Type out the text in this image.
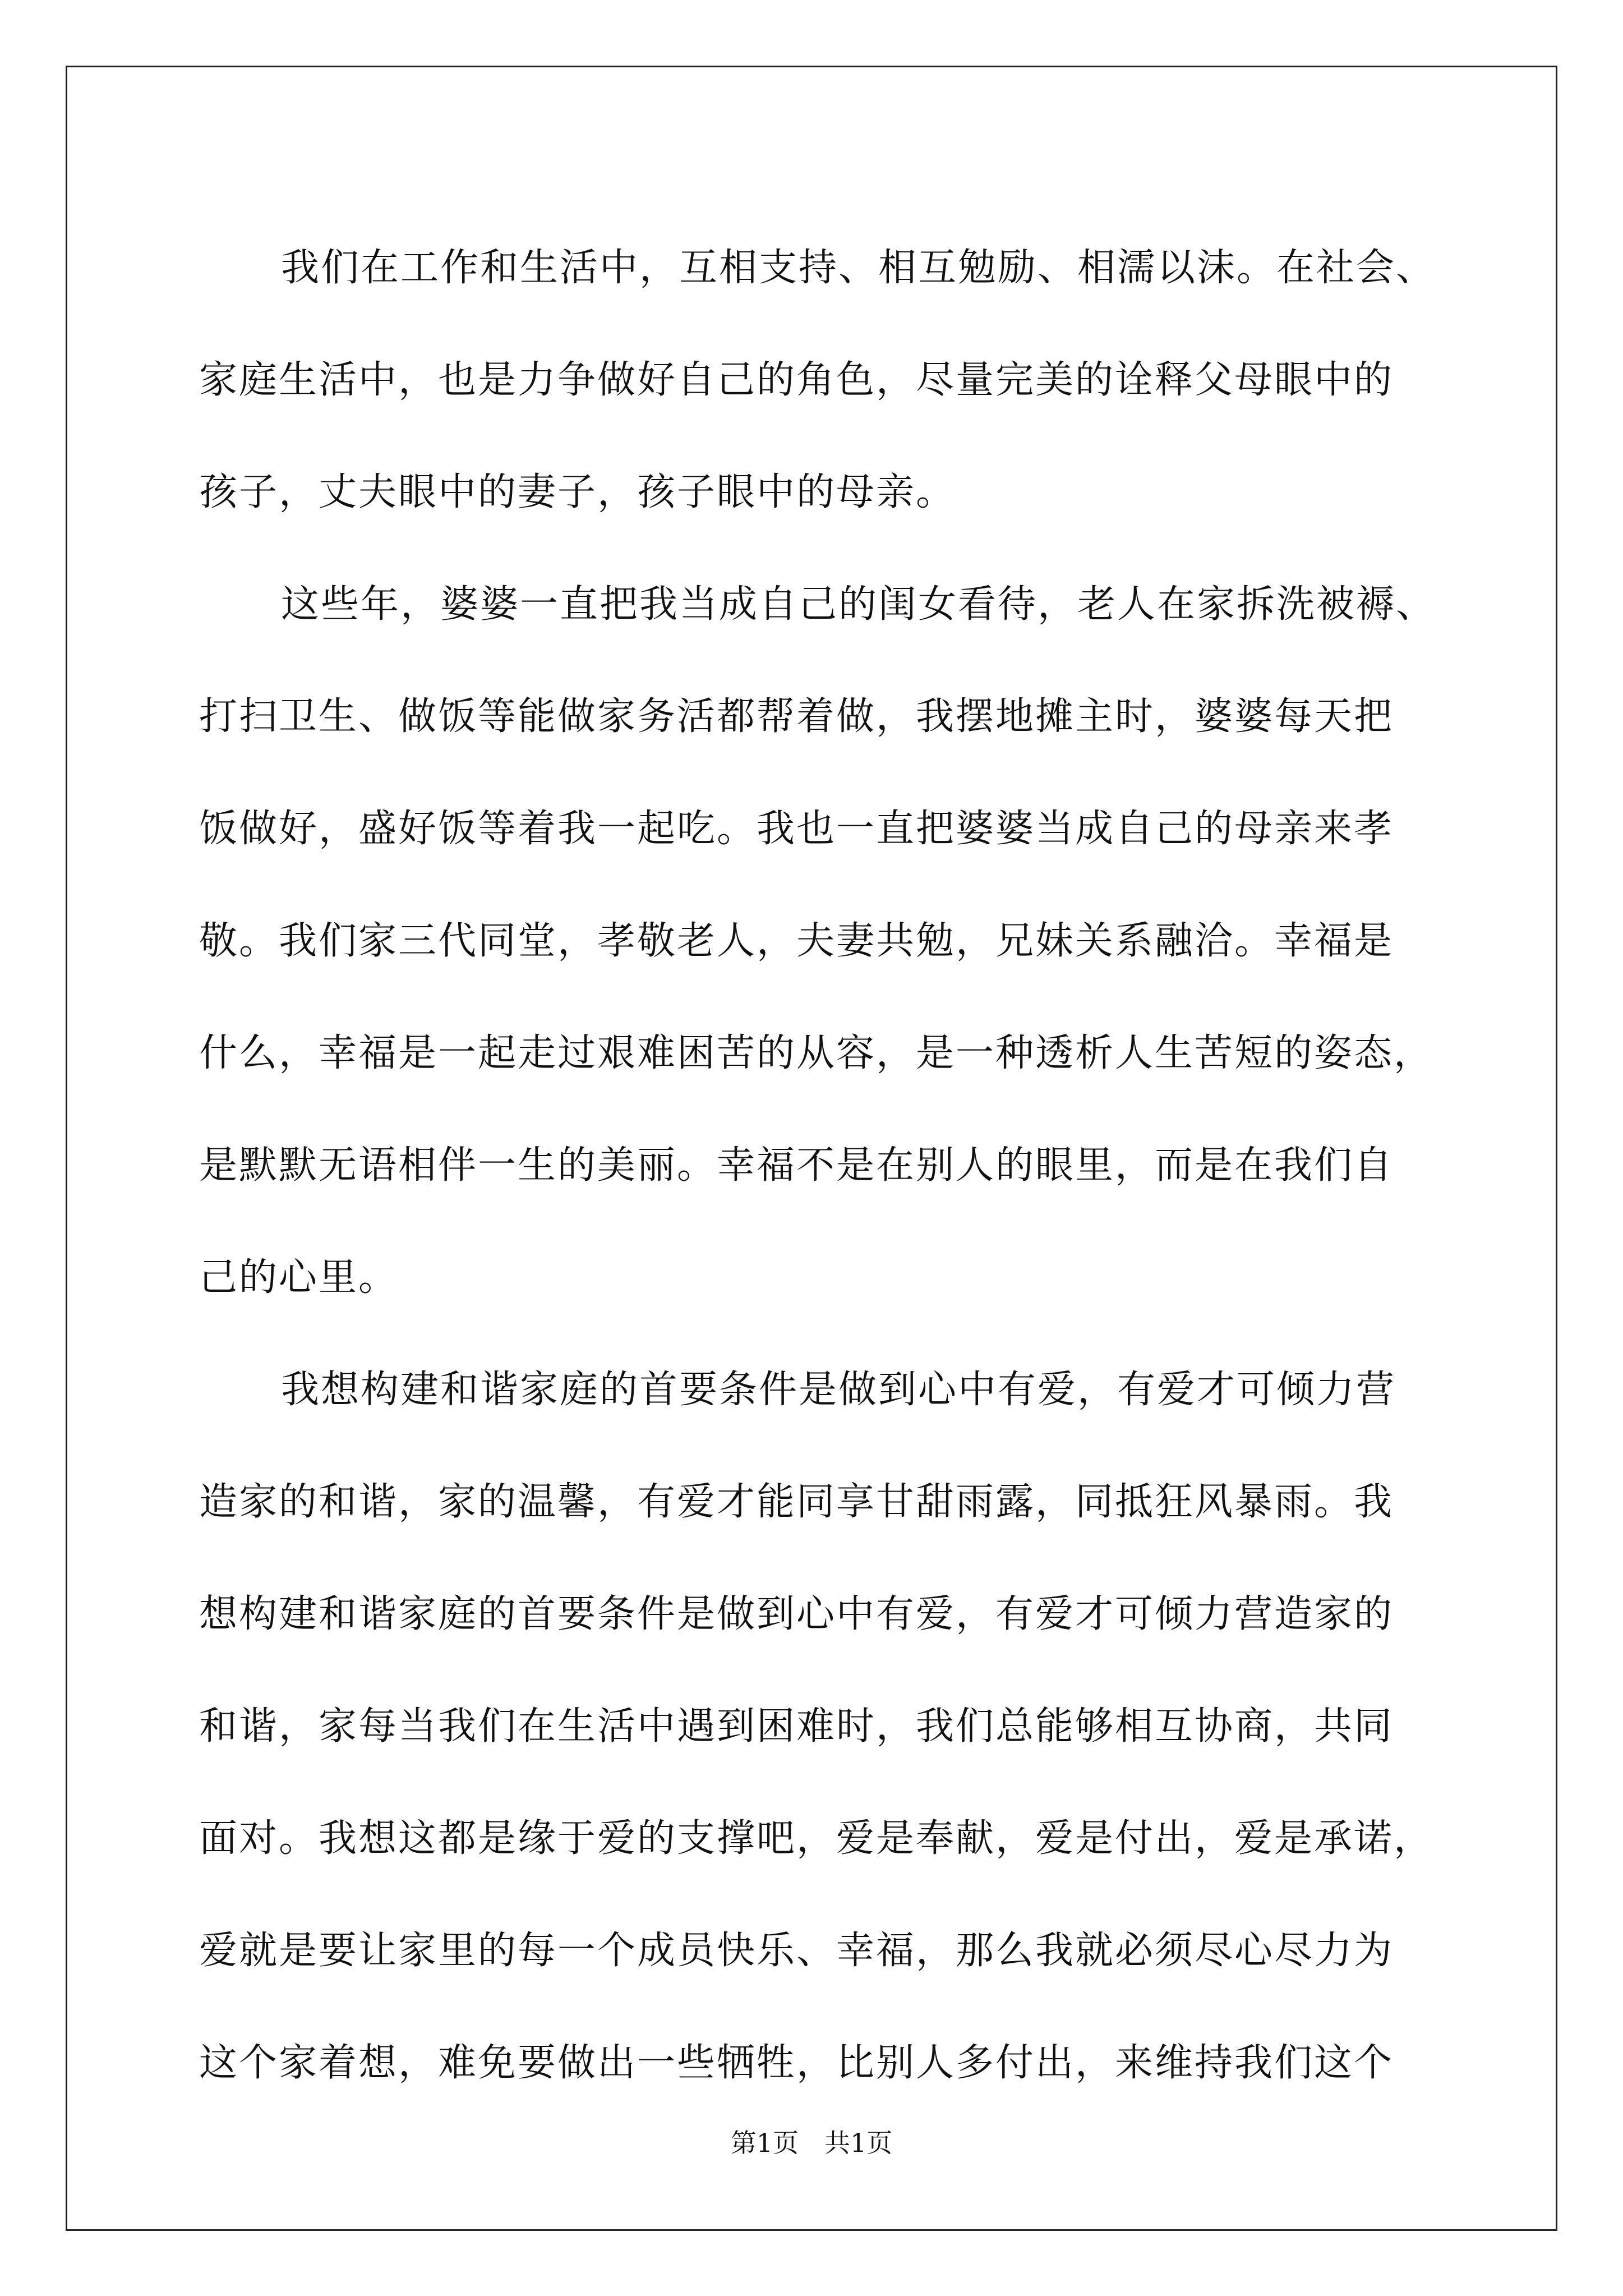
我们在工作和生活中，互相支持、相互勉励、相濡以沫。在社会、
家庭生活中，也是力争做好自己的角色，尽量完美的诠释父母眼中的
孩子，丈夫眼中的妻子，孩子眼中的母亲。
这些年，婆婆一直把我当成自己的闺女看待，老人在家拆洗被褥、
打扫卫生、做饭等能做家务活都帮着做，我摆地摊主时，婆婆每天把
饭做好，盛好饭等着我一起吃。我也一直把婆婆当成自己的母亲来孝
敬。我们家三代同堂，孝敬老人，夫妻共勉，兄妹关系融洽。幸福是
什么，幸福是一起走过艰难困苦的从容，是一种透析人生苦短的姿态，
是默默无语相伴一生的美丽。幸福不是在别人的眼里，而是在我们自
己的心里。
我想构建和谐家庭的首要条件是做到心中有爱，有爱才可倾力营
造家的和谐，家的温馨，有爱才能同享甘甜雨露，同抵狂风暴雨。我
想构建和谐家庭的首要条件是做到心中有爱，有爱才可倾力营造家的
和谐，家每当我们在生活中遇到困难时，我们总能够相互协商，共同
面对。我想这都是缘于爱的支撑吧，爱是奉献，爱是付出，爱是承诺，
爱就是要让家里的每一个成员快乐、幸福，那么我就必须尽心尽力为
这个家着想，难免要做出一些牺牲，比别人多付出，来维持我们这个
第1页　共1页
